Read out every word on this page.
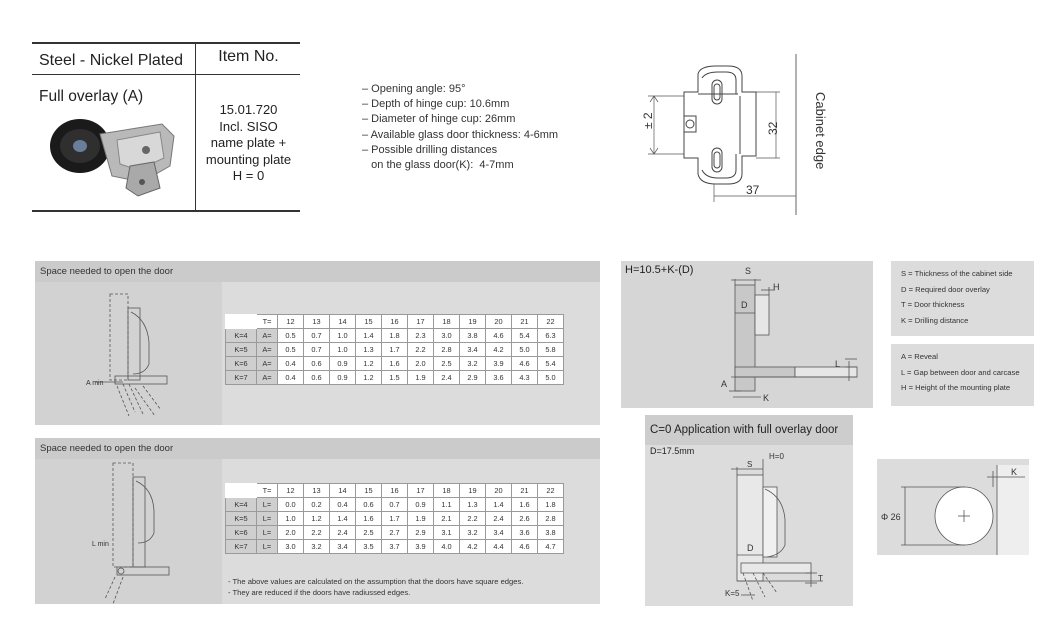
Steel - Nickel Plated
Full overlay (A)
Item No.
15.01.720
Incl. SISO
name plate +
mounting plate
H = 0
– Opening angle: 95°
– Depth of hinge cup: 10.6mm
– Diameter of hinge cup: 26mm
– Available glass door thickness: 4-6mm
– Possible drilling distances
on the glass door(K):  4-7mm
± 2	32
37
Cabinet edge
Space needed to open the door
A min
	T=	12	13	14	15	16	17	18	19	20	21	22
K=4	A=	0.5	0.7	1.0	1.4	1.8	2.3	3.0	3.8	4.6	5.4	6.3
K=5	A=	0.5	0.7	1.0	1.3	1.7	2.2	2.8	3.4	4.2	5.0	5.8
K=6	A=	0.4	0.6	0.9	1.2	1.6	2.0	2.5	3.2	3.9	4.6	5.4
K=7	A=	0.4	0.6	0.9	1.2	1.5	1.9	2.4	2.9	3.6	4.3	5.0
Space needed to open the door
L min
	T=	12	13	14	15	16	17	18	19	20	21	22
K=4	L=	0.0	0.2	0.4	0.6	0.7	0.9	1.1	1.3	1.4	1.6	1.8
K=5	L=	1.0	1.2	1.4	1.6	1.7	1.9	2.1	2.2	2.4	2.6	2.8
K=6	L=	2.0	2.2	2.4	2.5	2.7	2.9	3.1	3.2	3.4	3.6	3.8
K=7	L=	3.0	3.2	3.4	3.5	3.7	3.9	4.0	4.2	4.4	4.6	4.7
- The above values are calculated on the assumption that the doors have square edges.
- They are reduced if the doors have radiussed edges.
H=10.5+K-(D)	S
H
D
L
A
K
S = Thickness of the cabinet side
D = Required door overlay
T = Door thickness
K = Drilling distance
A = Reveal
L = Gap between door and carcase
H = Height of the mounting plate
C=0 Application with full overlay door
D=17.5mm
S
H=0
D
T
K=5
Φ 26
K
